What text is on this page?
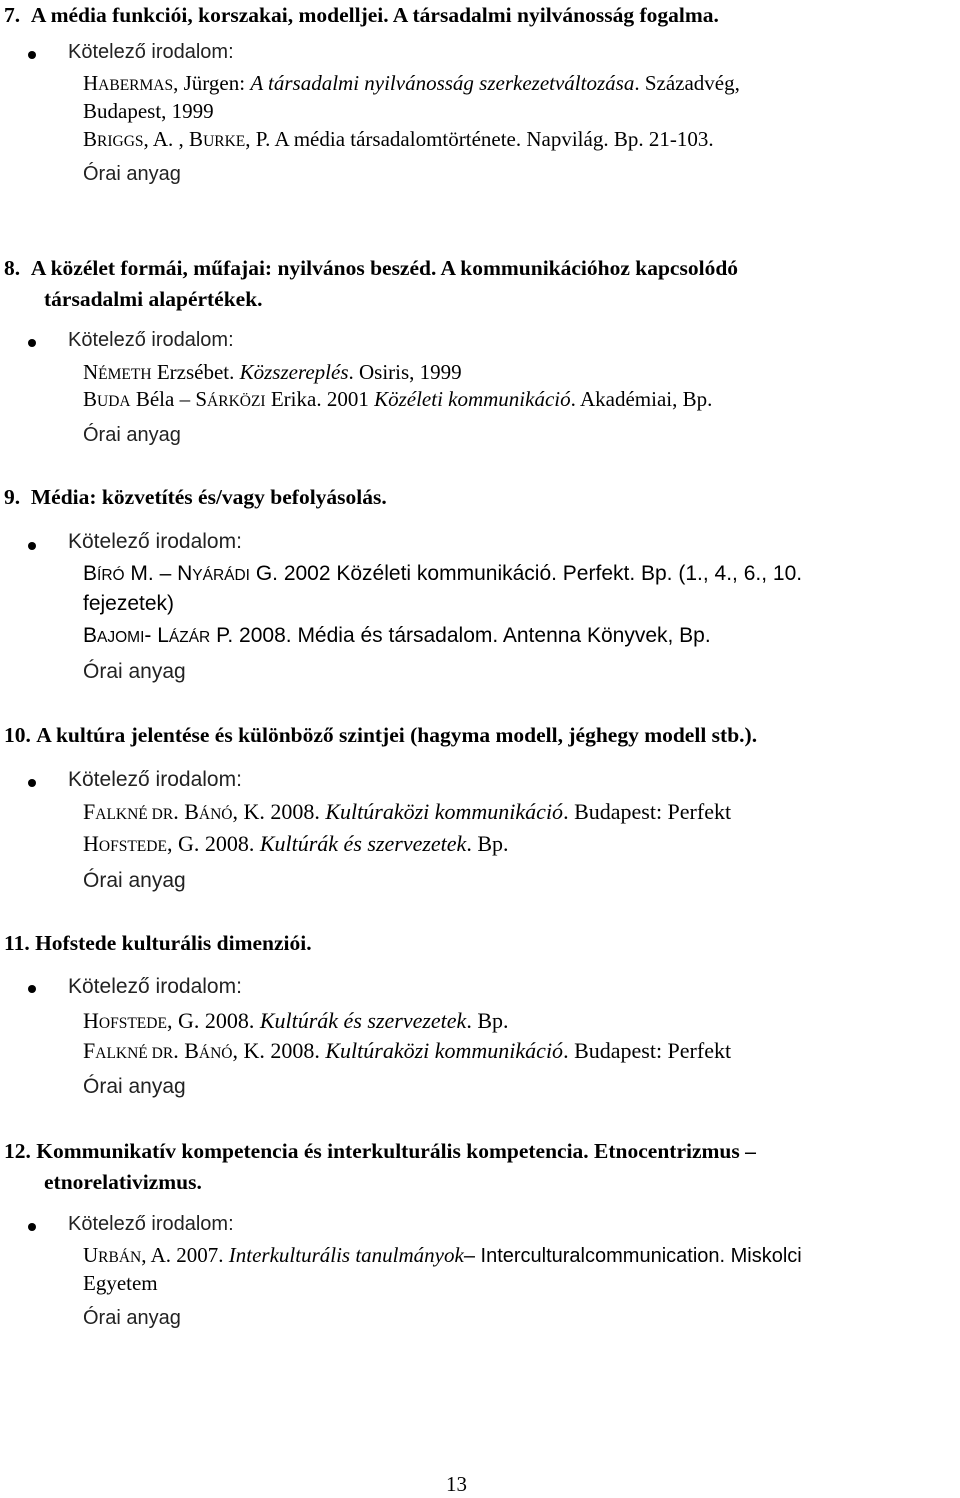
7. A média funkciói, korszakai, modelljei. A társadalmi nyilvánosság fogalma.
Kötelező irodalom:
HABERMAS, Jürgen: A társadalmi nyilvánosság szerkezetváltozása. Századvég,
Budapest, 1999
BRIGGS, A. , BURKE, P. A média társadalomtörténete. Napvilág. Bp. 21-103.
Órai anyag
8. A közélet formái, műfajai: nyilvános beszéd. A kommunikációhoz kapcsolódó
társadalmi alapértékek.
Kötelező irodalom:
NÉMETH Erzsébet. Közszereplés. Osiris, 1999
BUDA Béla – SÁRKÖZI Erika. 2001 Közéleti kommunikáció. Akadémiai, Bp.
Órai anyag
9. Média: közvetítés és/vagy befolyásolás.
Kötelező irodalom:
BÍRÓ M. – NYÁRÁDI G. 2002 Közéleti kommunikáció. Perfekt. Bp. (1., 4., 6., 10.
fejezetek)
BAJOMI- LÁZÁR P. 2008. Média és társadalom. Antenna Könyvek, Bp.
Órai anyag
10. A kultúra jelentése és különböző szintjei (hagyma modell, jéghegy modell stb.).
Kötelező irodalom:
FALKNÉ DR. BÁNÓ, K. 2008. Kultúraközi kommunikáció. Budapest: Perfekt
HOFSTEDE, G. 2008. Kultúrák és szervezetek. Bp.
Órai anyag
11. Hofstede kulturális dimenziói.
Kötelező irodalom:
HOFSTEDE, G. 2008. Kultúrák és szervezetek. Bp.
FALKNÉ DR. BÁNÓ, K. 2008. Kultúraközi kommunikáció. Budapest: Perfekt
Órai anyag
12. Kommunikatív kompetencia és interkulturális kompetencia. Etnocentrizmus –
etnorelativizmus.
Kötelező irodalom:
URBÁN, A. 2007. Interkulturális tanulmányok– Interculturalcommunication. Miskolci
Egyetem
Órai anyag
13
